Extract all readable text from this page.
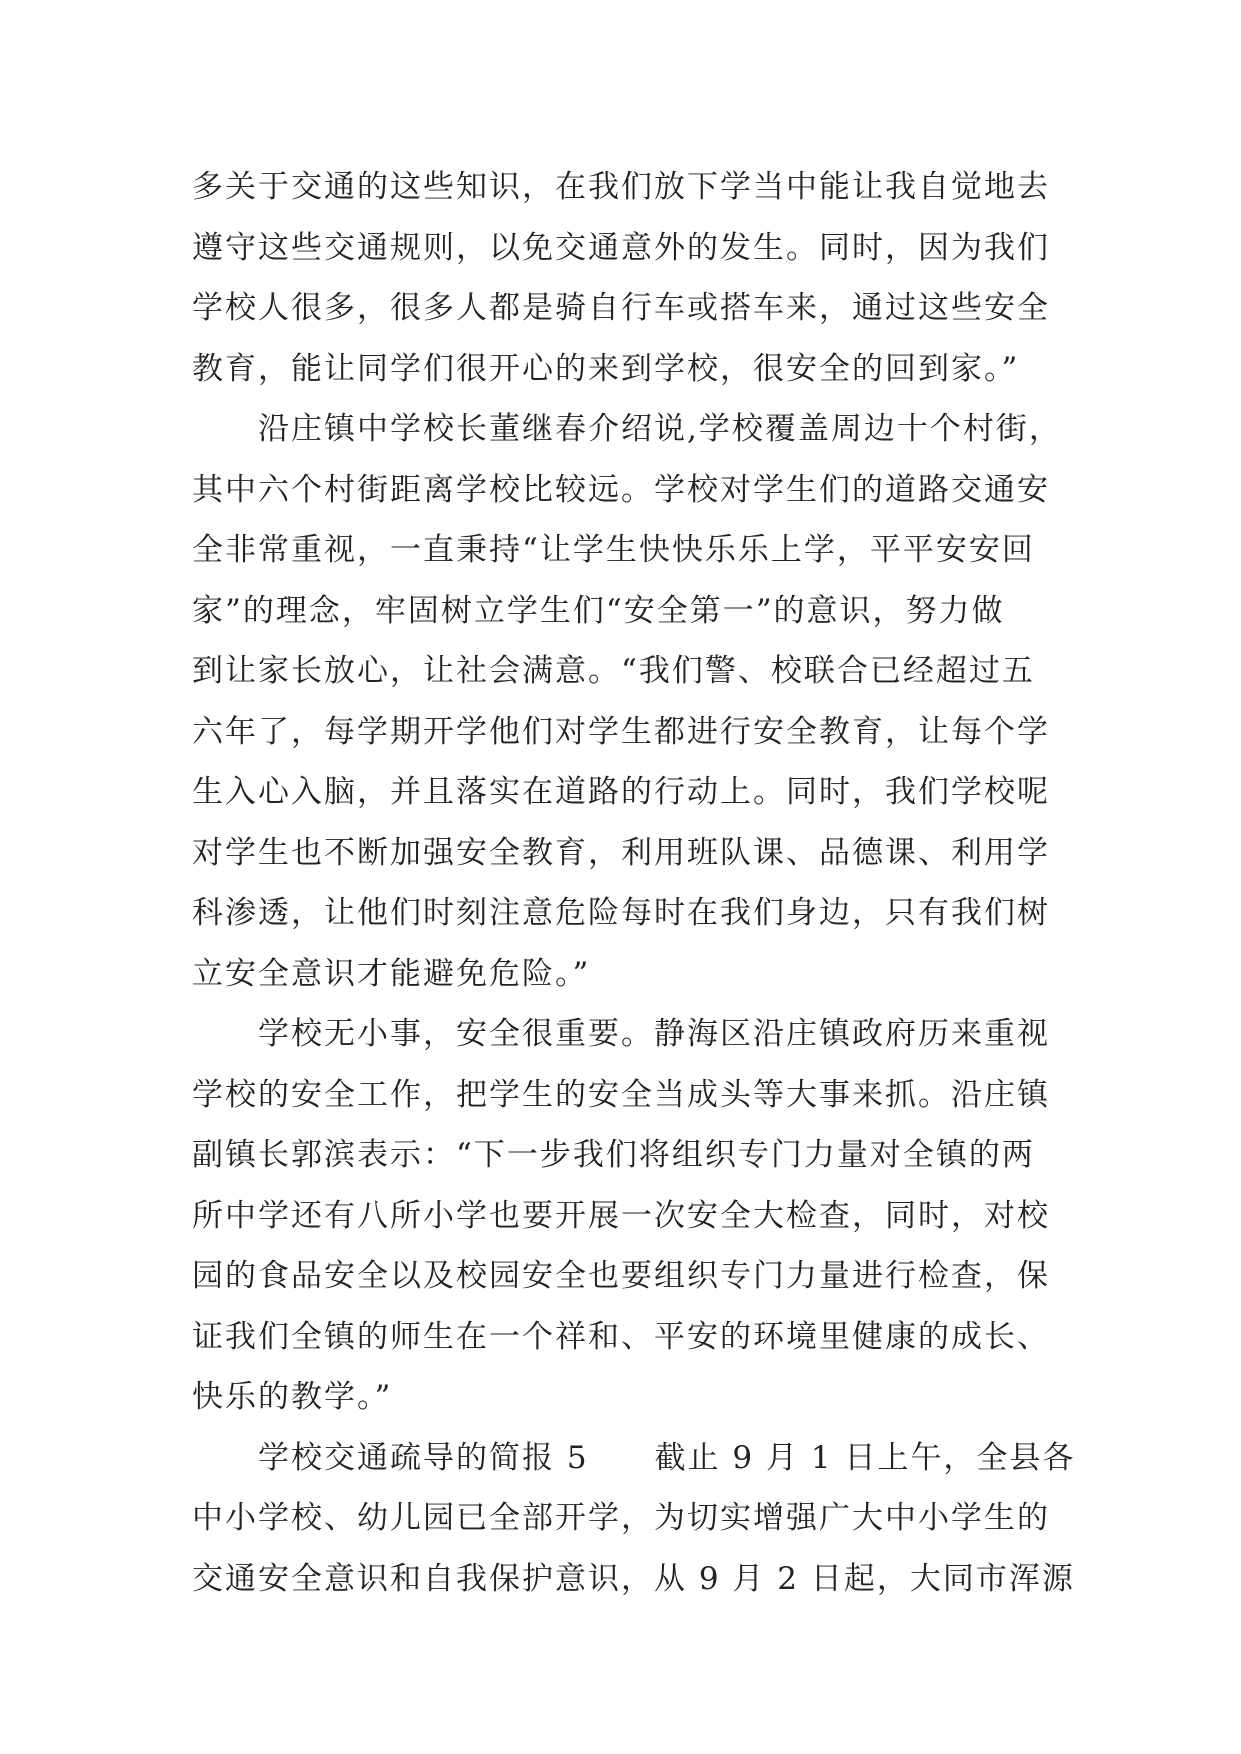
多关于交通的这些知识，在我们放下学当中能让我自觉地去
遵守这些交通规则，以免交通意外的发生。同时，因为我们
学校人很多，很多人都是骑自行车或搭车来，通过这些安全
教育，能让同学们很开心的来到学校，很安全的回到家。”
　　沿庄镇中学校长董继春介绍说,学校覆盖周边十个村街，
其中六个村街距离学校比较远。学校对学生们的道路交通安
全非常重视，一直秉持“让学生快快乐乐上学，平平安安回
家”的理念，牢固树立学生们“安全第一”的意识，努力做
到让家长放心，让社会满意。“我们警、校联合已经超过五
六年了，每学期开学他们对学生都进行安全教育，让每个学
生入心入脑，并且落实在道路的行动上。同时，我们学校呢
对学生也不断加强安全教育，利用班队课、品德课、利用学
科渗透，让他们时刻注意危险每时在我们身边，只有我们树
立安全意识才能避免危险。”
　　学校无小事，安全很重要。静海区沿庄镇政府历来重视
学校的安全工作，把学生的安全当成头等大事来抓。沿庄镇
副镇长郭滨表示：“下一步我们将组织专门力量对全镇的两
所中学还有八所小学也要开展一次安全大检查，同时，对校
园的食品安全以及校园安全也要组织专门力量进行检查，保
证我们全镇的师生在一个祥和、平安的环境里健康的成长、
快乐的教学。”
　　学校交通疏导的简报 5　　截止 9 月 1 日上午，全县各
中小学校、幼儿园已全部开学，为切实增强广大中小学生的
交通安全意识和自我保护意识，从 9 月 2 日起，大同市浑源
